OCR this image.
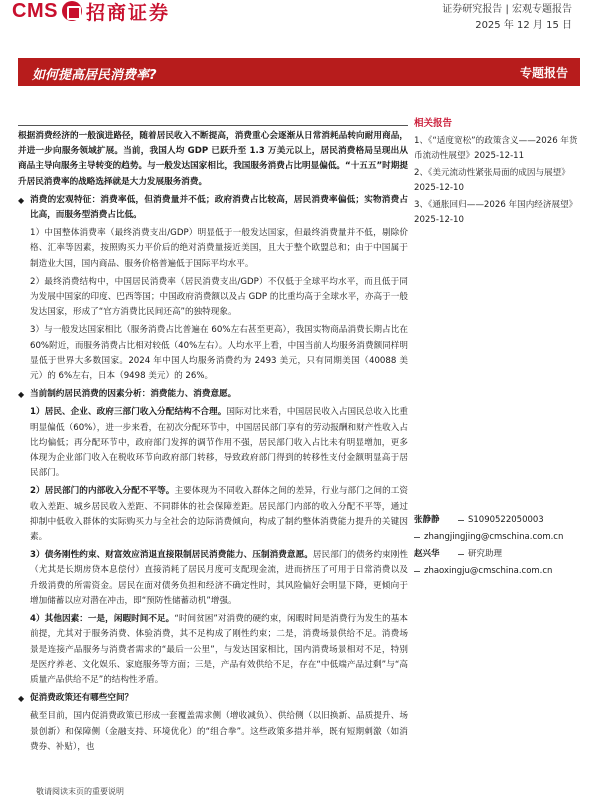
CMS 招商证券	证券研究报告 | 宏观专题报告
2025 年 12 月 15 日
如何提高居民消费率?	专题报告

根据消费经济的一般演进路径，随着居民收入不断提高，消费重心会逐渐从日常消耗品转向耐用商品，并进一步向服务领域扩展。当前，我国人均 GDP 已跃升至 1.3 万美元以上，居民消费格局呈现出从商品主导向服务主导转变的趋势。与一般发达国家相比，我国服务消费占比明显偏低。“十五五”时期提升居民消费率的战略选择就是大力发展服务消费。

◆ 消费的宏观特征：消费率低，但消费量并不低；政府消费占比较高，居民消费率偏低；实物消费占比高，而服务型消费占比低。

1）中国整体消费率（最终消费支出/GDP）明显低于一般发达国家，但最终消费量并不低，剔除价格、汇率等因素，按照购买力平价后的绝对消费量接近美国，且大于整个欧盟总和；由于中国属于制造业大国，国内商品、服务价格普遍低于国际平均水平。

2）最终消费结构中，中国居民消费率（居民消费支出/GDP）不仅低于全球平均水平，而且低于同为发展中国家的印度、巴西等国；中国政府消费额以及占 GDP 的比重均高于全球水平，亦高于一般发达国家，形成了“官方消费比民间还高”的独特现象。

3）与一般发达国家相比（服务消费占比普遍在 60%左右甚至更高），我国实物商品消费长期占比在 60%附近，而服务消费占比相对较低（40%左右）。人均水平上看，中国当前人均服务消费额同样明显低于世界大多数国家。2024 年中国人均服务消费约为 2493 美元，只有同期美国（40088 美元）的 6%左右，日本（9498 美元）的 26%。

◆ 当前制约居民消费的因素分析：消费能力、消费意愿。

1）居民、企业、政府三部门收入分配结构不合理。国际对比来看，中国居民收入占国民总收入比重明显偏低（60%），进一步来看，在初次分配环节中，中国居民部门享有的劳动报酬和财产性收入占比均偏低；再分配环节中，政府部门发挥的调节作用不强，居民部门收入占比未有明显增加，更多体现为企业部门收入在税收环节向政府部门转移，导致政府部门得到的转移性支付金额明显高于居民部门。

2）居民部门的内部收入分配不平等。主要体现为不同收入群体之间的差异，行业与部门之间的工资收入差距、城乡居民收入差距、不同群体的社会保障差距。居民部门内部的收入分配不平等，通过抑制中低收入群体的实际购买力与全社会的边际消费倾向，构成了制约整体消费能力提升的关键因素。

3）债务刚性约束、财富效应消退直接限制居民消费能力、压制消费意愿。居民部门的债务约束刚性（尤其是长期房贷本息偿付）直接消耗了居民月度可支配现金流，进而挤压了可用于日常消费以及升级消费的所需资金。居民在面对债务负担和经济不确定性时，其风险偏好会明显下降，更倾向于增加储蓄以应对潜在冲击，即“预防性储蓄动机”增强。

4）其他因素：一是，闲暇时间不足。“时间贫困”对消费的硬约束，闲暇时间是消费行为发生的基本前提，尤其对于服务消费、体验消费，其不足构成了刚性约束；二是，消费场景供给不足。消费场景是连接产品服务与消费者需求的“最后一公里”，与发达国家相比，国内消费场景相对不足，特别是医疗养老、文化娱乐、家庭服务等方面；三是，产品有效供给不足，存在“中低端产品过剩”与“高质量产品供给不足”的结构性矛盾。

◆ 促消费政策还有哪些空间？

截至目前，国内促消费政策已形成一套覆盖需求侧（增收减负）、供给侧（以旧换新、品质提升、场景创新）和保障侧（金融支持、环境优化）的“组合拳”。这些政策多措并举，既有短期刺激（如消费券、补贴），也

相关报告
1、《“适度宽松”的政策含义——2026 年货币流动性展望》2025-12-11
2、《美元流动性紧张局面的成因与展望》2025-12-10
3、《通胀回归——2026 年国内经济展望》2025-12-10
张静静	S1090522050003
zhangjingjing@cmschina.com.cn
赵兴华	研究助理
zhaoxingju@cmschina.com.cn
敬请阅读末页的重要说明
